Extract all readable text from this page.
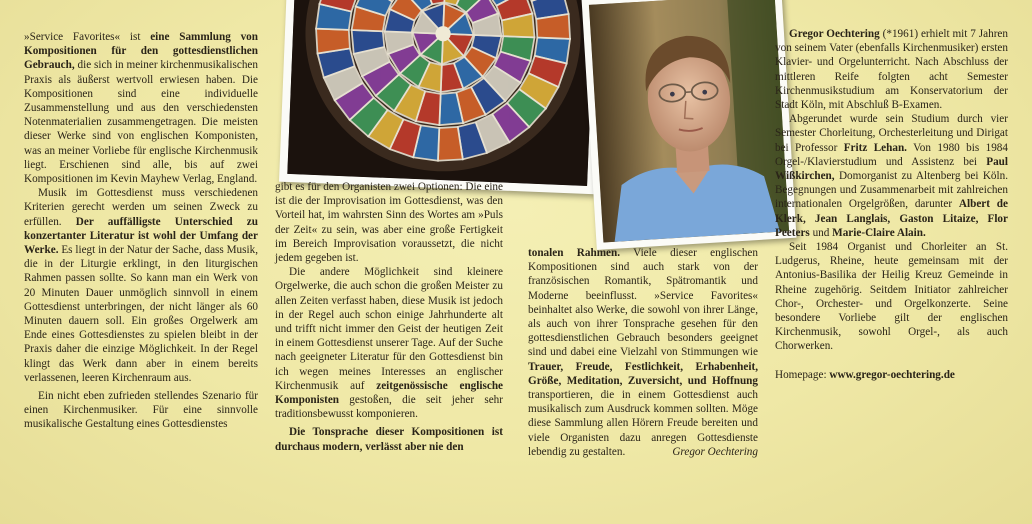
»Service Favorites« ist eine Sammlung von Kompositionen für den gottesdienstlichen Gebrauch, die sich in meiner kirchenmusikalischen Praxis als äußerst wertvoll erwiesen haben. Die Kompositionen sind eine individuelle Zusammenstellung und aus den verschiedensten Notenmaterialien zusammengetragen. Die meisten dieser Werke sind von englischen Komponisten, was an meiner Vorliebe für englische Kirchenmusik liegt. Erschienen sind alle, bis auf zwei Kompositionen im Kevin Mayhew Verlag, England.

Musik im Gottesdienst muss verschiedenen Kriterien gerecht werden um seinen Zweck zu erfüllen. Der auffälligste Unterschied zu konzertanter Literatur ist wohl der Umfang der Werke. Es liegt in der Natur der Sache, dass Musik, die in der Liturgie erklingt, in den liturgischen Rahmen passen sollte. So kann man ein Werk von 20 Minuten Dauer unmöglich sinnvoll in einem Gottesdienst unterbringen, der nicht länger als 60 Minuten dauern soll. Ein großes Orgelwerk am Ende eines Gottesdienstes zu spielen bleibt in der Praxis daher die einzige Möglichkeit. In der Regel klingt das Werk dann aber in einem bereits verlassenen, leeren Kirchenraum aus.

Ein nicht eben zufrieden stellendes Szenario für einen Kirchenmusiker. Für eine sinnvolle musikalische Gestaltung eines Gottesdienstes

gibt es für den Organisten zwei Optionen: Die eine ist die der Improvisation im Gottesdienst, was den Vorteil hat, im wahrsten Sinn des Wortes am »Puls der Zeit« zu sein, was aber eine große Fertigkeit im Bereich Improvisation voraussetzt, die nicht jedem gegeben ist.

Die andere Möglichkeit sind kleinere Orgelwerke, die auch schon die großen Meister zu allen Zeiten verfasst haben, diese Musik ist jedoch in der Regel auch schon einige Jahrhunderte alt und trifft nicht immer den Geist der heutigen Zeit in einem Gottesdienst unserer Tage. Auf der Suche nach geeigneter Literatur für den Gottesdienst bin ich wegen meines Interesses an englischer Kirchenmusik auf zeitgenössische englische Komponisten gestoßen, die seit jeher sehr traditionsbewusst komponieren.

Die Tonsprache dieser Kompositionen ist durchaus modern, verlässt aber nie den

tonalen Rahmen. Viele dieser englischen Kompositionen sind auch stark von der französischen Romantik, Spätromantik und Moderne beeinflusst. »Service Favorites« beinhaltet also Werke, die sowohl von ihrer Länge, als auch von ihrer Tonsprache gesehen für den gottesdienstlichen Gebrauch besonders geeignet sind und dabei eine Vielzahl von Stimmungen wie Trauer, Freude, Festlichkeit, Erhabenheit, Größe, Meditation, Zuversicht, und Hoffnung transportieren, die in einem Gottesdienst auch musikalisch zum Ausdruck kommen sollten. Möge diese Sammlung allen Hörern Freude bereiten und viele Organisten dazu anregen Gottesdienste lebendig zu gestalten.	Gregor Oechtering

Gregor Oechtering (*1961) erhielt mit 7 Jahren von seinem Vater (ebenfalls Kirchenmusiker) ersten Klavier- und Orgelunterricht. Nach Abschluss der mittleren Reife folgten acht Semester Kirchenmusikstudium am Konservatorium der Stadt Köln, mit Abschluß B-Examen.

Abgerundet wurde sein Studium durch vier Semester Chorleitung, Orchesterleitung und Dirigat bei Professor Fritz Lehan. Von 1980 bis 1984 Orgel-/Klavierstudium und Assistenz bei Paul Wißkirchen, Domorganist zu Altenberg bei Köln. Begegnungen und Zusammenarbeit mit zahlreichen internationalen Orgelgrößen, darunter Albert de Klerk, Jean Langlais, Gaston Litaize, Flor Peeters und Marie-Claire Alain.

Seit 1984 Organist und Chorleiter an St. Ludgerus, Rheine, heute gemeinsam mit der Antonius-Basilika der Heilig Kreuz Gemeinde in Rheine zugehörig. Seitdem Initiator zahlreicher Chor-, Orchester- und Orgelkonzerte. Seine besondere Vorliebe gilt der englischen Kirchenmusik, sowohl Orgel-, als auch Chorwerken.

Homepage: www.gregor-oechtering.de
